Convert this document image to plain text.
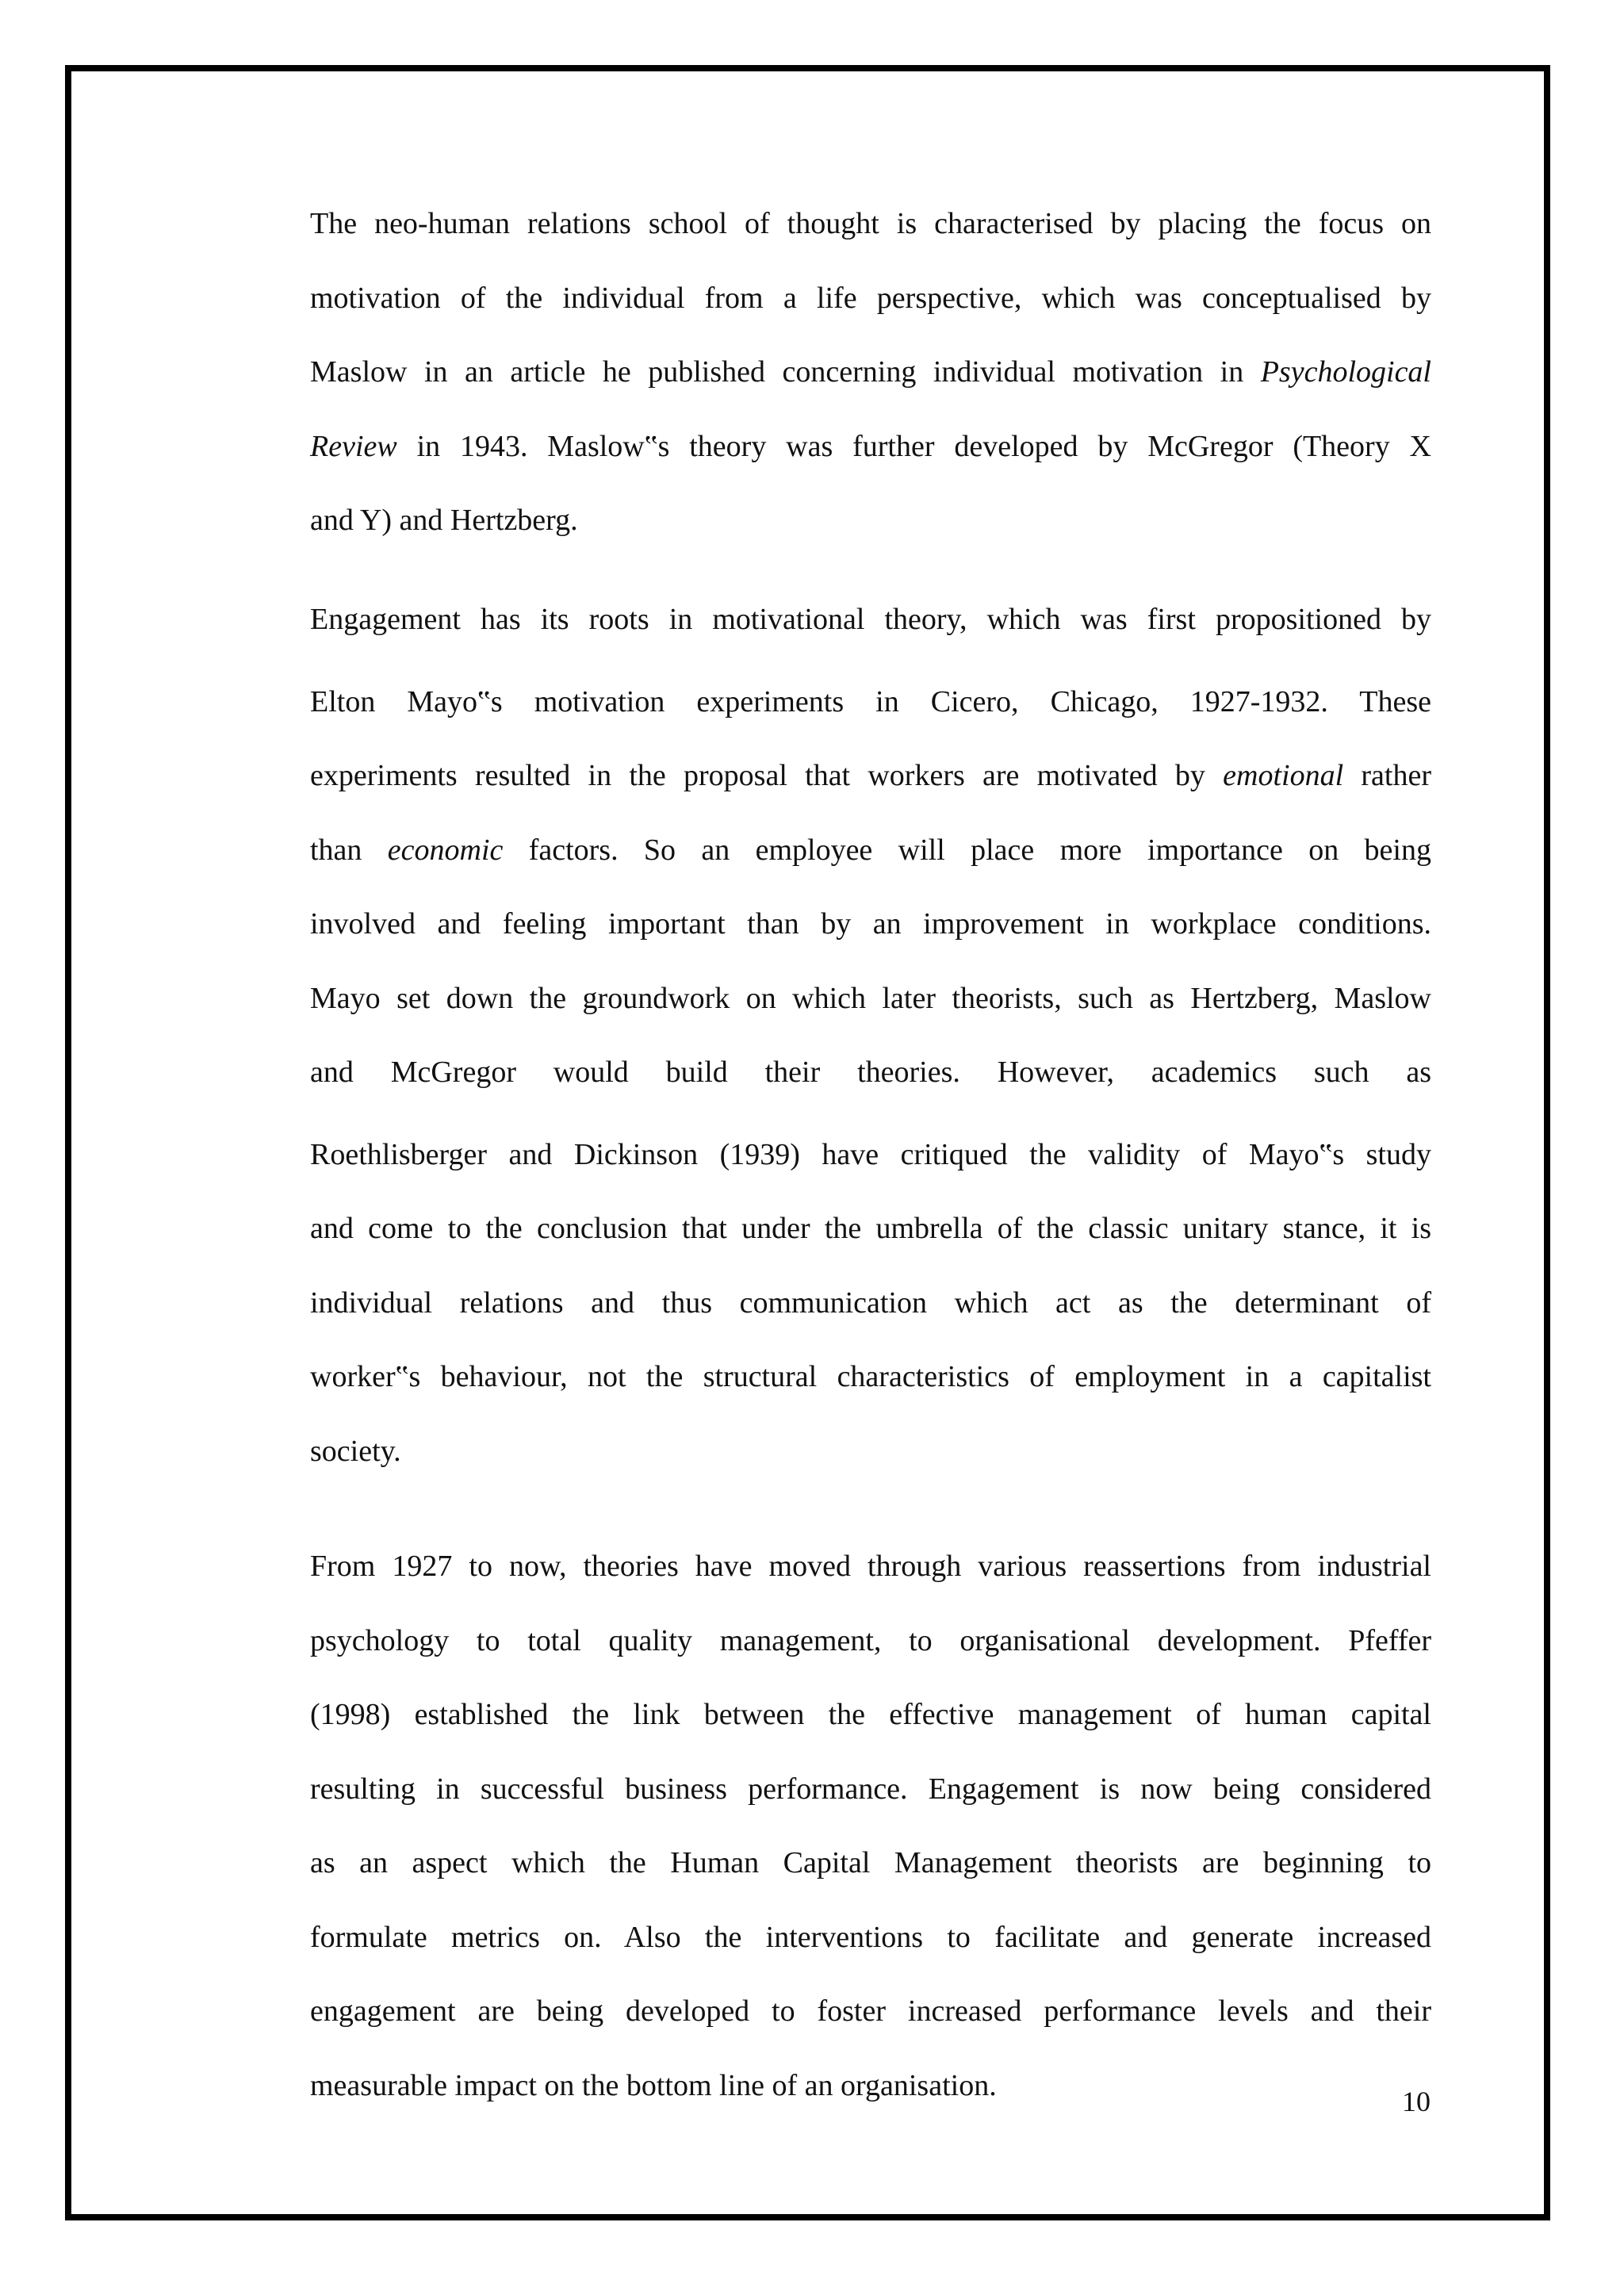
The neo-human relations school of thought is characterised by placing the focus on
motivation of the individual from a life perspective, which was conceptualised by
Maslow in an article he published concerning individual motivation in Psychological
Review in 1943. Maslow‟s theory was further developed by McGregor (Theory X
and Y) and Hertzberg.
Engagement has its roots in motivational theory, which was first propositioned by
Elton Mayo‟s motivation experiments in Cicero, Chicago, 1927-1932. These
experiments resulted in the proposal that workers are motivated by emotional rather
than economic factors. So an employee will place more importance on being
involved and feeling important than by an improvement in workplace conditions.
Mayo set down the groundwork on which later theorists, such as Hertzberg, Maslow
and McGregor would build their theories. However, academics such as
Roethlisberger and Dickinson (1939) have critiqued the validity of Mayo‟s study
and come to the conclusion that under the umbrella of the classic unitary stance, it is
individual relations and thus communication which act as the determinant of
worker‟s behaviour, not the structural characteristics of employment in a capitalist
society.
From 1927 to now, theories have moved through various reassertions from industrial
psychology to total quality management, to organisational development. Pfeffer
(1998) established the link between the effective management of human capital
resulting in successful business performance. Engagement is now being considered
as an aspect which the Human Capital Management theorists are beginning to
formulate metrics on. Also the interventions to facilitate and generate increased
engagement are being developed to foster increased performance levels and their
measurable impact on the bottom line of an organisation.	10
